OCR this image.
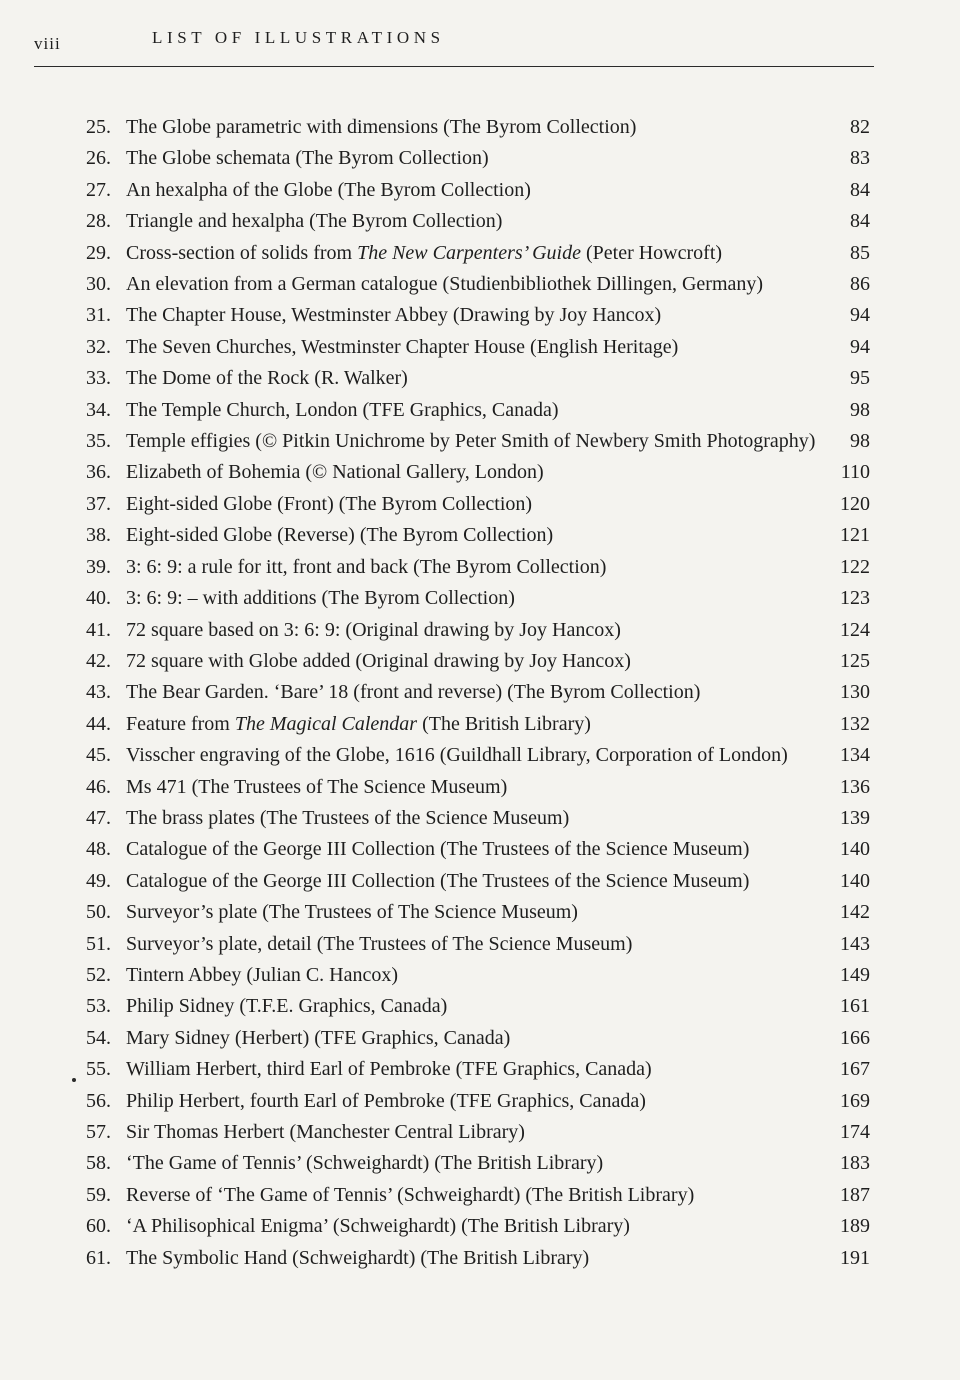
viii	LIST OF ILLUSTRATIONS
25. The Globe parametric with dimensions (The Byrom Collection)	82
26. The Globe schemata (The Byrom Collection)	83
27. An hexalpha of the Globe (The Byrom Collection)	84
28. Triangle and hexalpha (The Byrom Collection)	84
29. Cross-section of solids from The New Carpenters’ Guide (Peter Howcroft)	85
30. An elevation from a German catalogue (Studienbibliothek Dillingen, Germany)	86
31. The Chapter House, Westminster Abbey (Drawing by Joy Hancox)	94
32. The Seven Churches, Westminster Chapter House (English Heritage)	94
33. The Dome of the Rock (R. Walker)	95
34. The Temple Church, London (TFE Graphics, Canada)	98
35. Temple effigies (© Pitkin Unichrome by Peter Smith of Newbery Smith Photography)	98
36. Elizabeth of Bohemia (© National Gallery, London)	110
37. Eight-sided Globe (Front) (The Byrom Collection)	120
38. Eight-sided Globe (Reverse) (The Byrom Collection)	121
39. 3: 6: 9: a rule for itt, front and back (The Byrom Collection)	122
40. 3: 6: 9: – with additions (The Byrom Collection)	123
41. 72 square based on 3: 6: 9: (Original drawing by Joy Hancox)	124
42. 72 square with Globe added (Original drawing by Joy Hancox)	125
43. The Bear Garden. ‘Bare’ 18 (front and reverse) (The Byrom Collection)	130
44. Feature from The Magical Calendar (The British Library)	132
45. Visscher engraving of the Globe, 1616 (Guildhall Library, Corporation of London)	134
46. Ms 471 (The Trustees of The Science Museum)	136
47. The brass plates (The Trustees of the Science Museum)	139
48. Catalogue of the George III Collection (The Trustees of the Science Museum)	140
49. Catalogue of the George III Collection (The Trustees of the Science Museum)	140
50. Surveyor’s plate (The Trustees of The Science Museum)	142
51. Surveyor’s plate, detail (The Trustees of The Science Museum)	143
52. Tintern Abbey (Julian C. Hancox)	149
53. Philip Sidney (T.F.E. Graphics, Canada)	161
54. Mary Sidney (Herbert) (TFE Graphics, Canada)	166
55. William Herbert, third Earl of Pembroke (TFE Graphics, Canada)	167
56. Philip Herbert, fourth Earl of Pembroke (TFE Graphics, Canada)	169
57. Sir Thomas Herbert (Manchester Central Library)	174
58. ‘The Game of Tennis’ (Schweighardt) (The British Library)	183
59. Reverse of ‘The Game of Tennis’ (Schweighardt) (The British Library)	187
60. ‘A Philisophical Enigma’ (Schweighardt) (The British Library)	189
61. The Symbolic Hand (Schweighardt) (The British Library)	191
